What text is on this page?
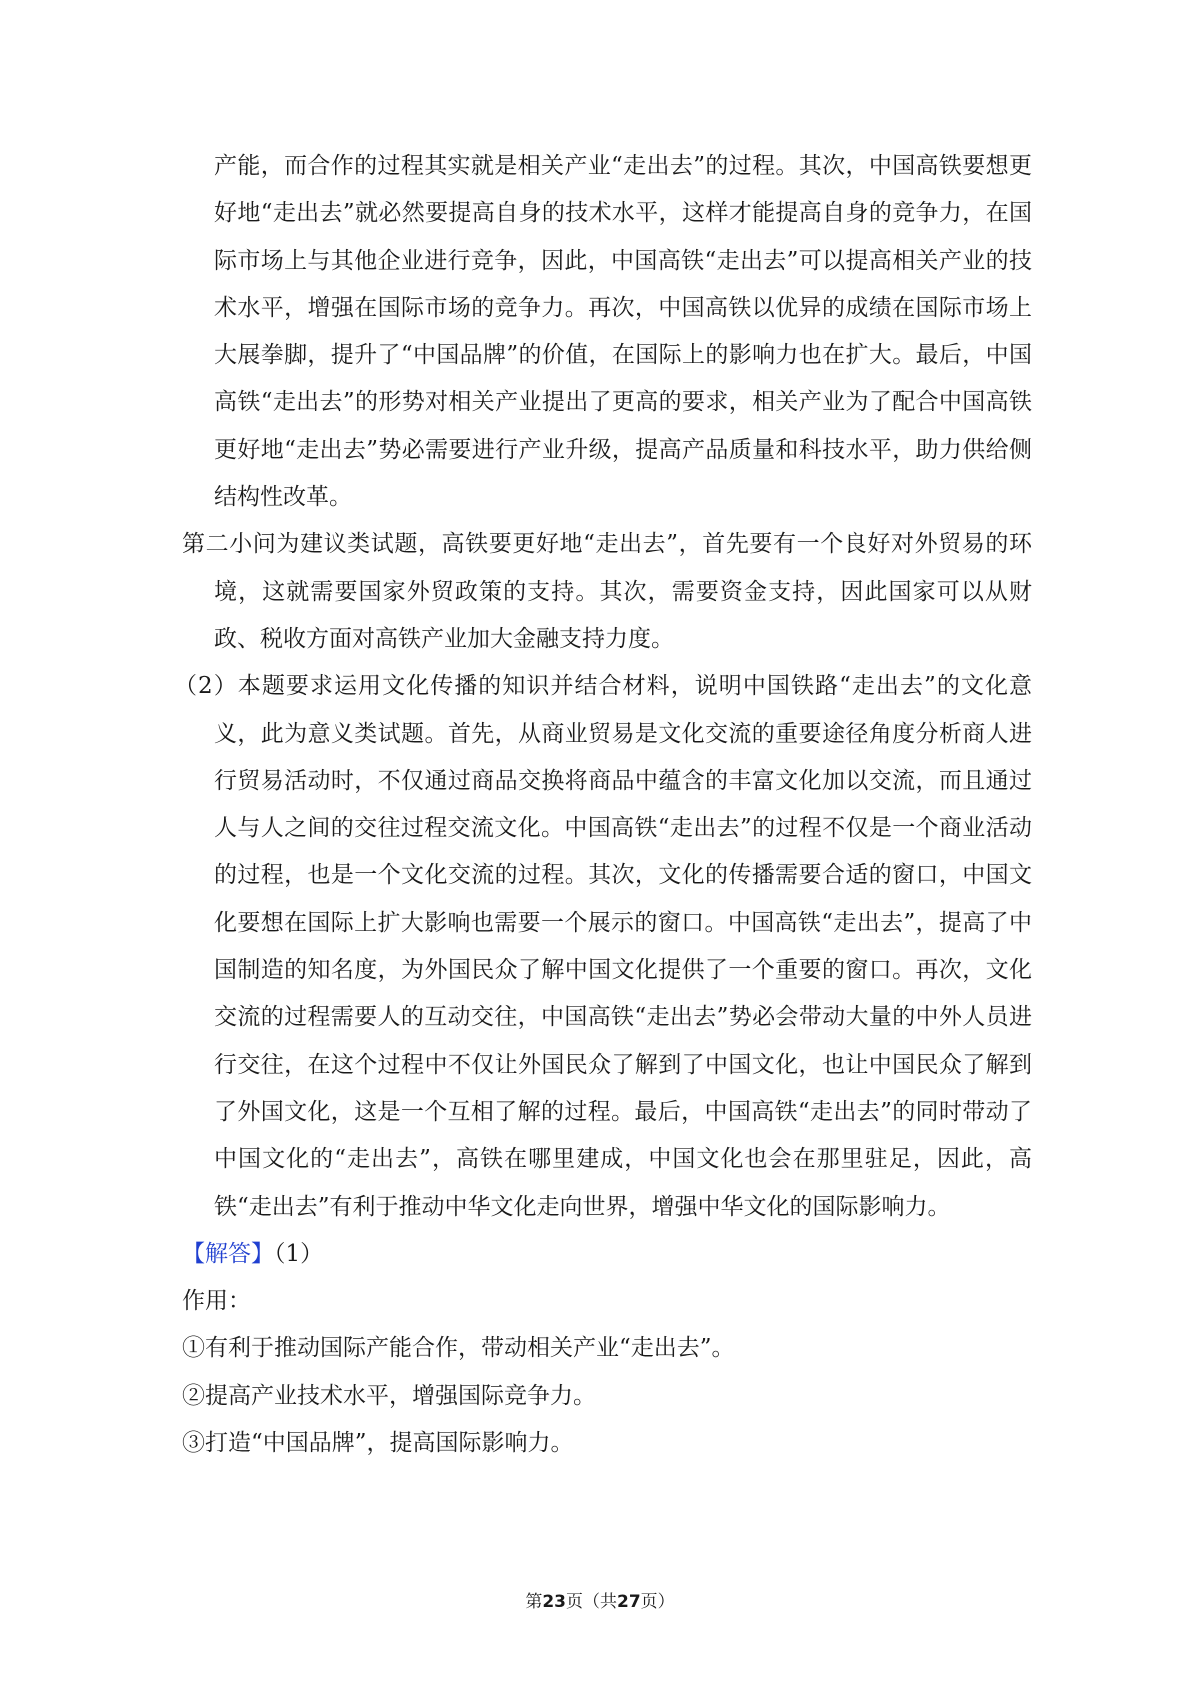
产能，而合作的过程其实就是相关产业“走出去”的过程。其次，中国高铁要想更好地“走出去”就必然要提高自身的技术水平，这样才能提高自身的竞争力，在国际市场上与其他企业进行竞争，因此，中国高铁“走出去”可以提高相关产业的技术水平，增强在国际市场的竞争力。再次，中国高铁以优异的成绩在国际市场上大展拳脚，提升了“中国品牌”的价值，在国际上的影响力也在扩大。最后，中国高铁“走出去”的形势对相关产业提出了更高的要求，相关产业为了配合中国高铁更好地“走出去”势必需要进行产业升级，提高产品质量和科技水平，助力供给侧结构性改革。

第二小问为建议类试题，高铁要更好地“走出去”，首先要有一个良好对外贸易的环境，这就需要国家外贸政策的支持。其次，需要资金支持，因此国家可以从财政、税收方面对高铁产业加大金融支持力度。

（2）本题要求运用文化传播的知识并结合材料，说明中国铁路“走出去”的文化意义，此为意义类试题。首先，从商业贸易是文化交流的重要途径角度分析商人进行贸易活动时，不仅通过商品交换将商品中蕴含的丰富文化加以交流，而且通过人与人之间的交往过程交流文化。中国高铁“走出去”的过程不仅是一个商业活动的过程，也是一个文化交流的过程。其次，文化的传播需要合适的窗口，中国文化要想在国际上扩大影响也需要一个展示的窗口。中国高铁“走出去”，提高了中国制造的知名度，为外国民众了解中国文化提供了一个重要的窗口。再次，文化交流的过程需要人的互动交往，中国高铁“走出去”势必会带动大量的中外人员进行交往，在这个过程中不仅让外国民众了解到了中国文化，也让中国民众了解到了外国文化，这是一个互相了解的过程。最后，中国高铁“走出去”的同时带动了中国文化的“走出去”，高铁在哪里建成，中国文化也会在那里驻足，因此，高铁“走出去”有利于推动中华文化走向世界，增强中华文化的国际影响力。

【解答】（1）

作用：

①有利于推动国际产能合作，带动相关产业“走出去”。

②提高产业技术水平，增强国际竞争力。

③打造“中国品牌”，提高国际影响力。

第23页（共27页）
